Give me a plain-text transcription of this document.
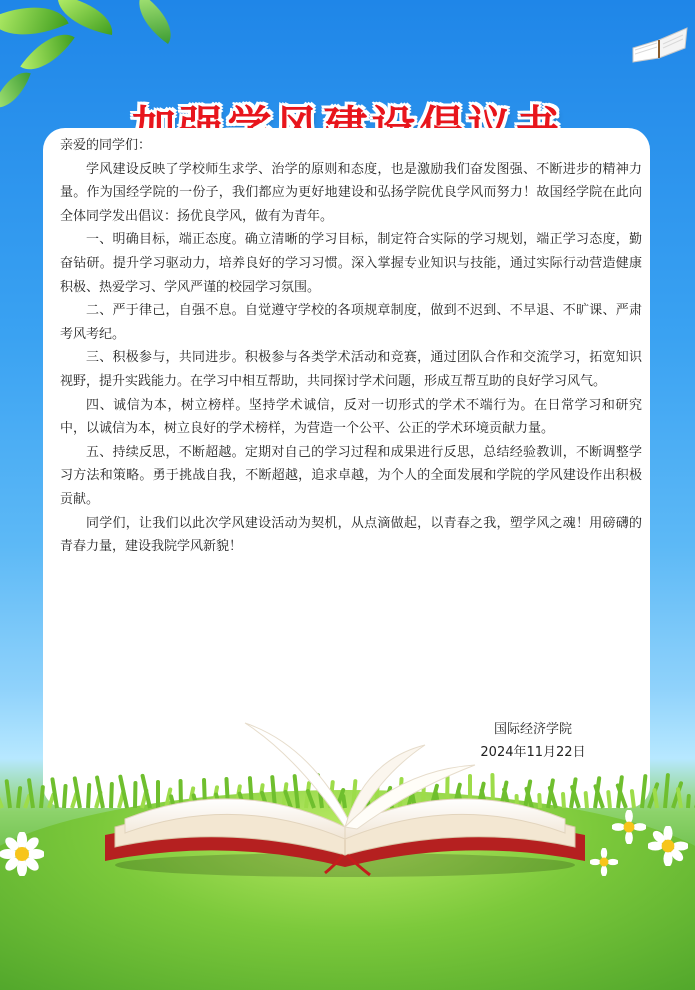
亲爱的同学们：

学风建设反映了学校师生求学、治学的原则和态度，也是激励我们奋发图强、不断进步的精神力量。作为国经学院的一份子，我们都应为更好地建设和弘扬学院优良学风而努力！故国经学院在此向全体同学发出倡议：扬优良学风，做有为青年。

一、明确目标，端正态度。确立清晰的学习目标，制定符合实际的学习规划，端正学习态度，勤奋钻研。提升学习驱动力，培养良好的学习习惯。深入掌握专业知识与技能，通过实际行动营造健康积极、热爱学习、学风严谨的校园学习氛围。

二、严于律己，自强不息。自觉遵守学校的各项规章制度，做到不迟到、不早退、不旷课、严肃考风考纪。

三、积极参与，共同进步。积极参与各类学术活动和竞赛，通过团队合作和交流学习，拓宽知识视野，提升实践能力。在学习中相互帮助，共同探讨学术问题，形成互帮互助的良好学习风气。

四、诚信为本，树立榜样。坚持学术诚信，反对一切形式的学术不端行为。在日常学习和研究中，以诚信为本，树立良好的学术榜样，为营造一个公平、公正的学术环境贡献力量。

五、持续反思，不断超越。定期对自己的学习过程和成果进行反思，总结经验教训，不断调整学习方法和策略。勇于挑战自我，不断超越，追求卓越，为个人的全面发展和学院的学风建设作出积极贡献。

同学们，让我们以此次学风建设活动为契机，从点滴做起，以青春之我，塑学风之魂！用磅礴的青春力量，建设我院学风新貌！

国际经济学院
2024年11月22日
